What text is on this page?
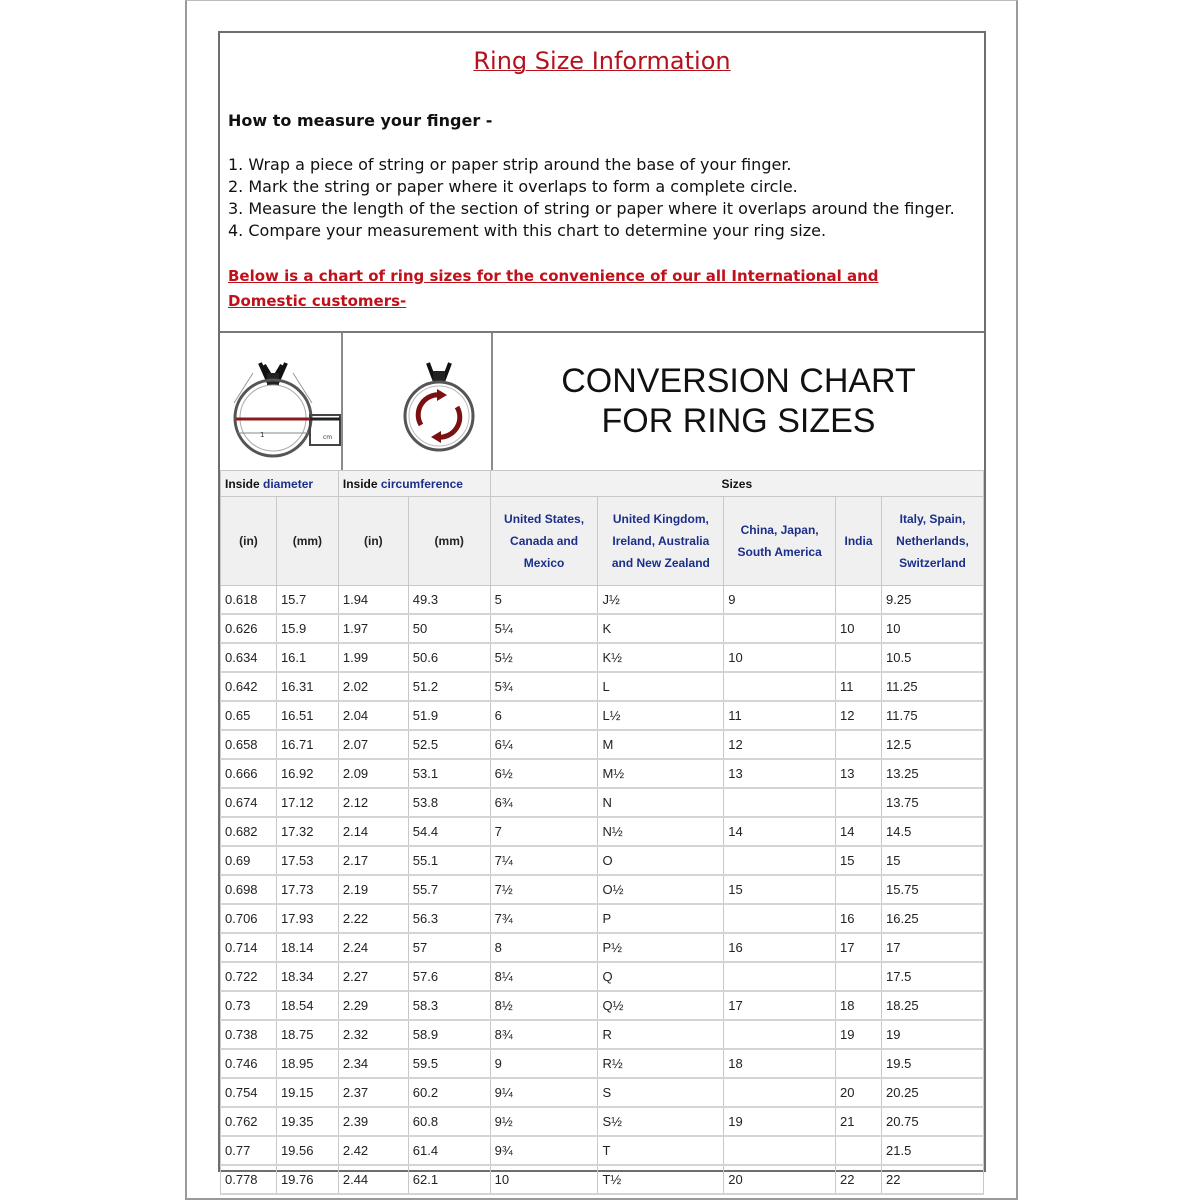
Ring Size Information
How to measure your finger -
1. Wrap a piece of string or paper strip around the base of your finger.
2. Mark the string or paper where it overlaps to form a complete circle.
3. Measure the length of the section of string or paper where it overlaps around the finger.
4. Compare your measurement with this chart to determine your ring size.
Below is a chart of ring sizes for the convenience of our all International and Domestic customers-
1	cm
CONVERSION CHART
FOR RING SIZES
Inside diameter		Inside circumference		Sizes				
(in)	(mm)	(in)	(mm)	United States, Canada and Mexico	United Kingdom, Ireland, Australia and New Zealand	China, Japan, South America	India	Italy, Spain, Netherlands, Switzerland
0.618	15.7	1.94	49.3	5	J½	9		9.25
0.626	15.9	1.97	50	5¼	K		10	10
0.634	16.1	1.99	50.6	5½	K½	10		10.5
0.642	16.31	2.02	51.2	5¾	L		11	11.25
0.65	16.51	2.04	51.9	6	L½	11	12	11.75
0.658	16.71	2.07	52.5	6¼	M	12		12.5
0.666	16.92	2.09	53.1	6½	M½	13	13	13.25
0.674	17.12	2.12	53.8	6¾	N			13.75
0.682	17.32	2.14	54.4	7	N½	14	14	14.5
0.69	17.53	2.17	55.1	7¼	O		15	15
0.698	17.73	2.19	55.7	7½	O½	15		15.75
0.706	17.93	2.22	56.3	7¾	P		16	16.25
0.714	18.14	2.24	57	8	P½	16	17	17
0.722	18.34	2.27	57.6	8¼	Q			17.5
0.73	18.54	2.29	58.3	8½	Q½	17	18	18.25
0.738	18.75	2.32	58.9	8¾	R		19	19
0.746	18.95	2.34	59.5	9	R½	18		19.5
0.754	19.15	2.37	60.2	9¼	S		20	20.25
0.762	19.35	2.39	60.8	9½	S½	19	21	20.75
0.77	19.56	2.42	61.4	9¾	T			21.5
0.778	19.76	2.44	62.1	10	T½	20	22	22
